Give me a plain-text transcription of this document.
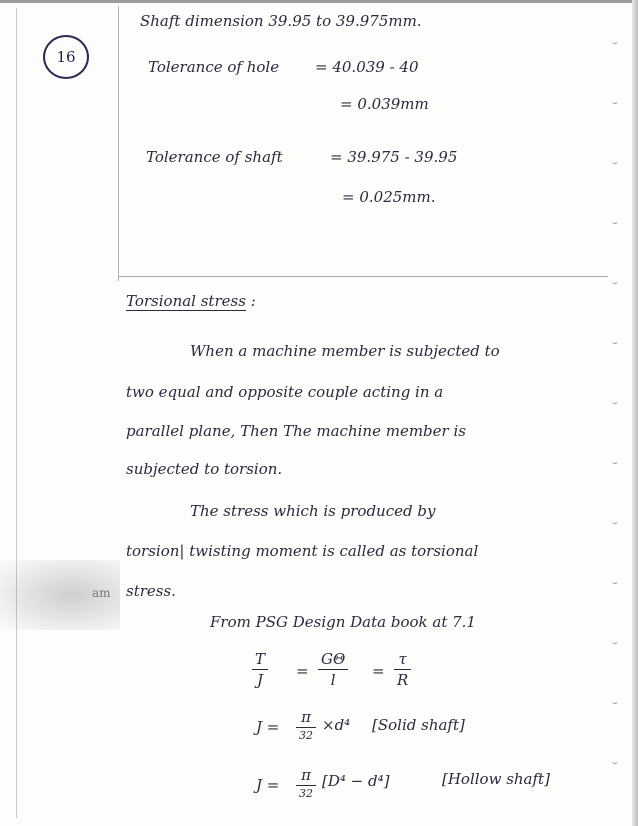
16
Shaft dimension 39.95 to 39.975mm.
Tolerance of hole = 40.039 - 40
= 0.039mm
Tolerance of shaft	= 39.975 - 39.95
= 0.025mm.
Torsional stress :
When a machine member is subjected to
two equal and opposite couple acting in a
parallel plane, Then The machine member is
subjected to torsion.
The stress which is produced by
torsion| twisting moment is called as torsional
stress.
am
From PSG Design Data book at 7.1
T
J
=
GΘ
l
=
τ
R
J =
π
32
×d⁴ [Solid shaft]
J =
π
32
[D⁴ − d⁴]	[Hollow shaft]
